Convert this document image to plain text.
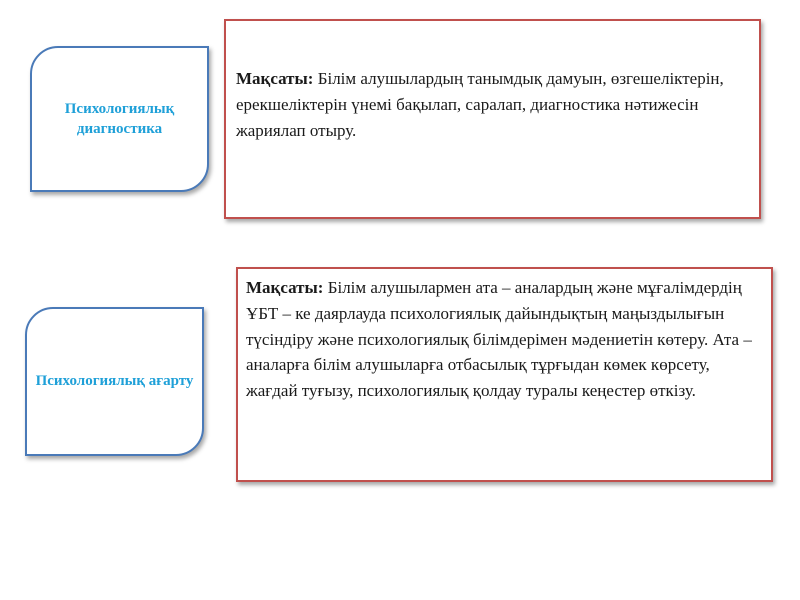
Психологиялық диагностика
Мақсаты: Білім алушылардың танымдық дамуын, өзгешеліктерін, ерекшеліктерін үнемі бақылап, саралап, диагностика нәтижесін жариялап отыру.
Психологиялық ағарту
Мақсаты: Білім алушылармен ата – аналардың және мұғалімдердің ҰБТ – ке даярлауда психологиялық дайындықтың маңыздылығын түсіндіру және психологиялық білімдерімен мәдениетін көтеру. Ата – аналарға білім алушыларға отбасылық тұрғыдан көмек көрсету, жағдай туғызу, психологиялық қолдау туралы кеңестер өткізу.
